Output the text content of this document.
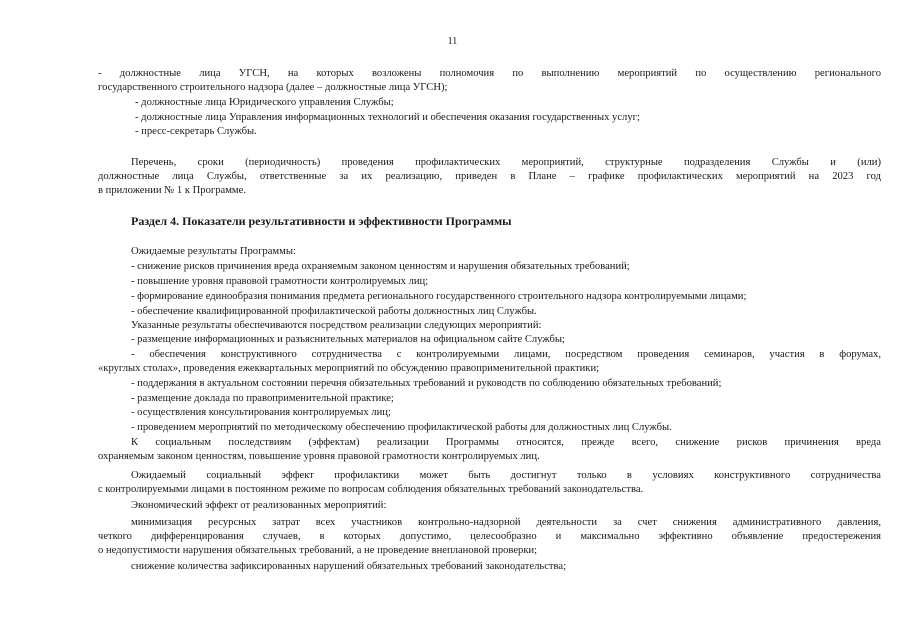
11
- должностные лица УГСН, на которых возложены полномочия по выполнению мероприятий по осуществлению регионального
государственного строительного надзора (далее – должностные лица УГСН);
- должностные лица Юридического управления Службы;
- должностные лица Управления информационных технологий и обеспечения оказания государственных услуг;
- пресс-секретарь Службы.
Перечень, сроки (периодичность) проведения профилактических мероприятий, структурные подразделения Службы и (или)
должностные лица Службы, ответственные за их реализацию, приведен в Плане – графике профилактических мероприятий на 2023 год
в приложении № 1 к Программе.
Раздел 4. Показатели результативности и эффективности Программы
Ожидаемые результаты Программы:
- снижение рисков причинения вреда охраняемым законом ценностям и нарушения обязательных требований;
- повышение уровня правовой грамотности контролируемых лиц;
- формирование единообразия понимания предмета регионального государственного строительного надзора контролируемыми лицами;
- обеспечение квалифицированной профилактической работы должностных лиц Службы.
Указанные результаты обеспечиваются посредством реализации следующих мероприятий:
- размещение информационных и разъяснительных материалов на официальном сайте Службы;
- обеспечения конструктивного сотрудничества с контролируемыми лицами, посредством проведения семинаров, участия в форумах,
«круглых столах», проведения ежеквартальных мероприятий по обсуждению правоприменительной практики;
- поддержания в актуальном состоянии перечня обязательных требований и руководств по соблюдению обязательных требований;
- размещение доклада по правоприменительной практике;
- осуществления консультирования контролируемых лиц;
- проведением мероприятий по методическому обеспечению профилактической работы для должностных лиц Службы.
К социальным последствиям (эффектам) реализации Программы относятся, прежде всего, снижение рисков причинения вреда
охраняемым законом ценностям, повышение уровня правовой грамотности контролируемых лиц.
Ожидаемый социальный эффект профилактики может быть достигнут только в условиях конструктивного сотрудничества
с контролируемыми лицами в постоянном режиме по вопросам соблюдения обязательных требований законодательства.
Экономический эффект от реализованных мероприятий:
минимизация ресурсных затрат всех участников контрольно-надзорной деятельности за счет снижения административного давления,
четкого дифференцирования случаев, в которых допустимо, целесообразно и максимально эффективно объявление предостережения
о недопустимости нарушения обязательных требований, а не проведение внеплановой проверки;
снижение количества зафиксированных нарушений обязательных требований законодательства;
